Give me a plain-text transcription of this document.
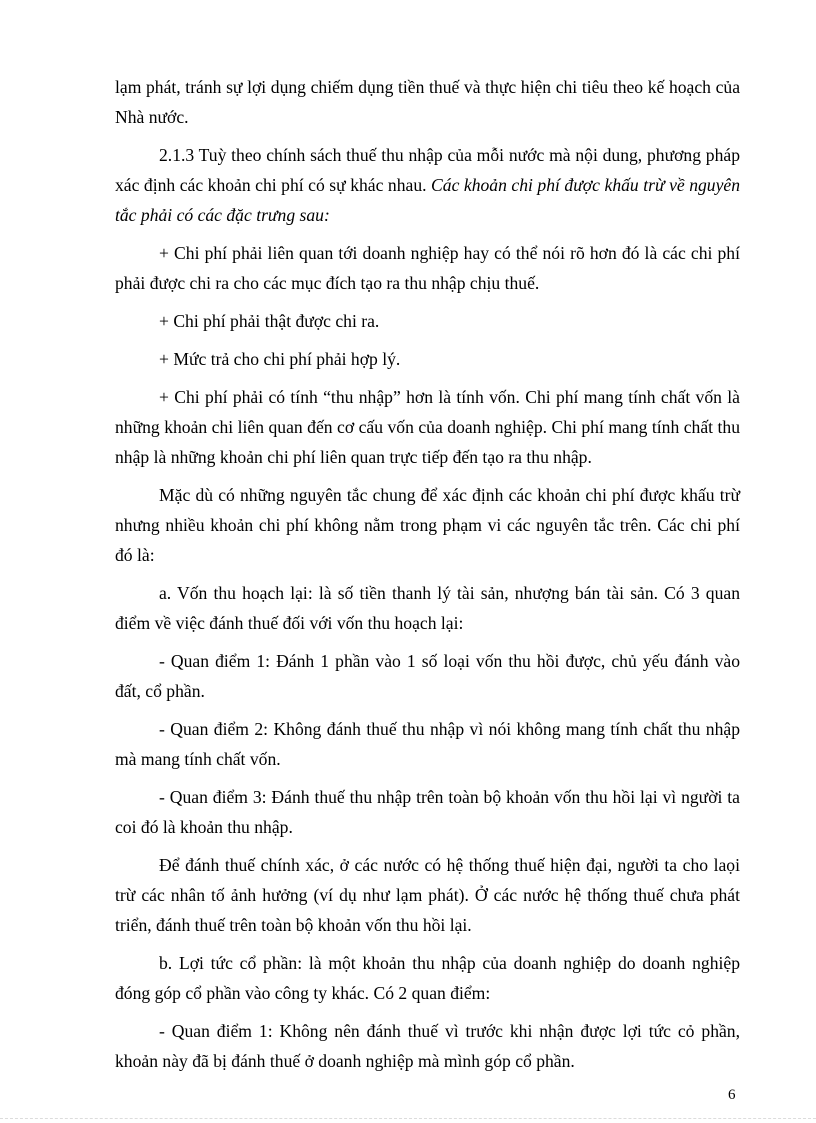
lạm phát, tránh sự lợi dụng chiếm dụng tiền thuế và thực hiện chi tiêu theo kế hoạch của Nhà nước.

2.1.3 Tuỳ theo chính sách thuế thu nhập của mỗi nước mà nội dung, phương pháp xác định các khoản chi phí có sự khác nhau. Các khoản chi phí được khấu trừ về nguyên tắc phải có các đặc trưng sau:

+ Chi phí phải liên quan tới doanh nghiệp hay có thể nói rõ hơn đó là các chi phí phải được chi ra cho các mục đích tạo ra thu nhập chịu thuế.

+ Chi phí phải thật được chi ra.

+ Mức trả cho chi phí phải hợp lý.

+ Chi phí phải có tính “thu nhập” hơn là tính vốn. Chi phí mang tính chất vốn là những khoản chi liên quan đến cơ cấu vốn của doanh nghiệp. Chi phí mang tính chất thu nhập là những khoản chi phí liên quan trực tiếp đến tạo ra thu nhập.

Mặc dù có những nguyên tắc chung để xác định các khoản chi phí được khấu trừ nhưng nhiều khoản chi phí không nằm trong phạm vi các nguyên tắc trên. Các chi phí đó là:

a. Vốn thu hoạch lại: là số tiền thanh lý tài sản, nhượng bán tài sản. Có 3 quan điểm về việc đánh thuế đối với vốn thu hoạch lại:

- Quan điểm 1: Đánh 1 phần vào 1 số loại vốn thu hồi được, chủ yếu đánh vào đất, cổ phần.

- Quan điểm 2: Không đánh thuế thu nhập vì nói không mang tính chất thu nhập mà mang tính chất vốn.

- Quan điểm 3: Đánh thuế thu nhập trên toàn bộ khoản vốn thu hồi lại vì người ta coi đó là khoản thu nhập.

Để đánh thuế chính xác, ở các nước có hệ thống thuế hiện đại, người ta cho laọi trừ các nhân tố ảnh hưởng (ví dụ như lạm phát). Ở các nước hệ thống thuế chưa phát triển, đánh thuế trên toàn bộ khoản vốn thu hồi lại.

b. Lợi tức cổ phần: là một khoản thu nhập của doanh nghiệp do doanh nghiệp đóng góp cổ phần vào công ty khác. Có 2 quan điểm:

- Quan điểm 1: Không nên đánh thuế vì trước khi nhận được lợi tức cỏ phần, khoản này đã bị đánh thuế ở doanh nghiệp mà mình góp cổ phần.

6
